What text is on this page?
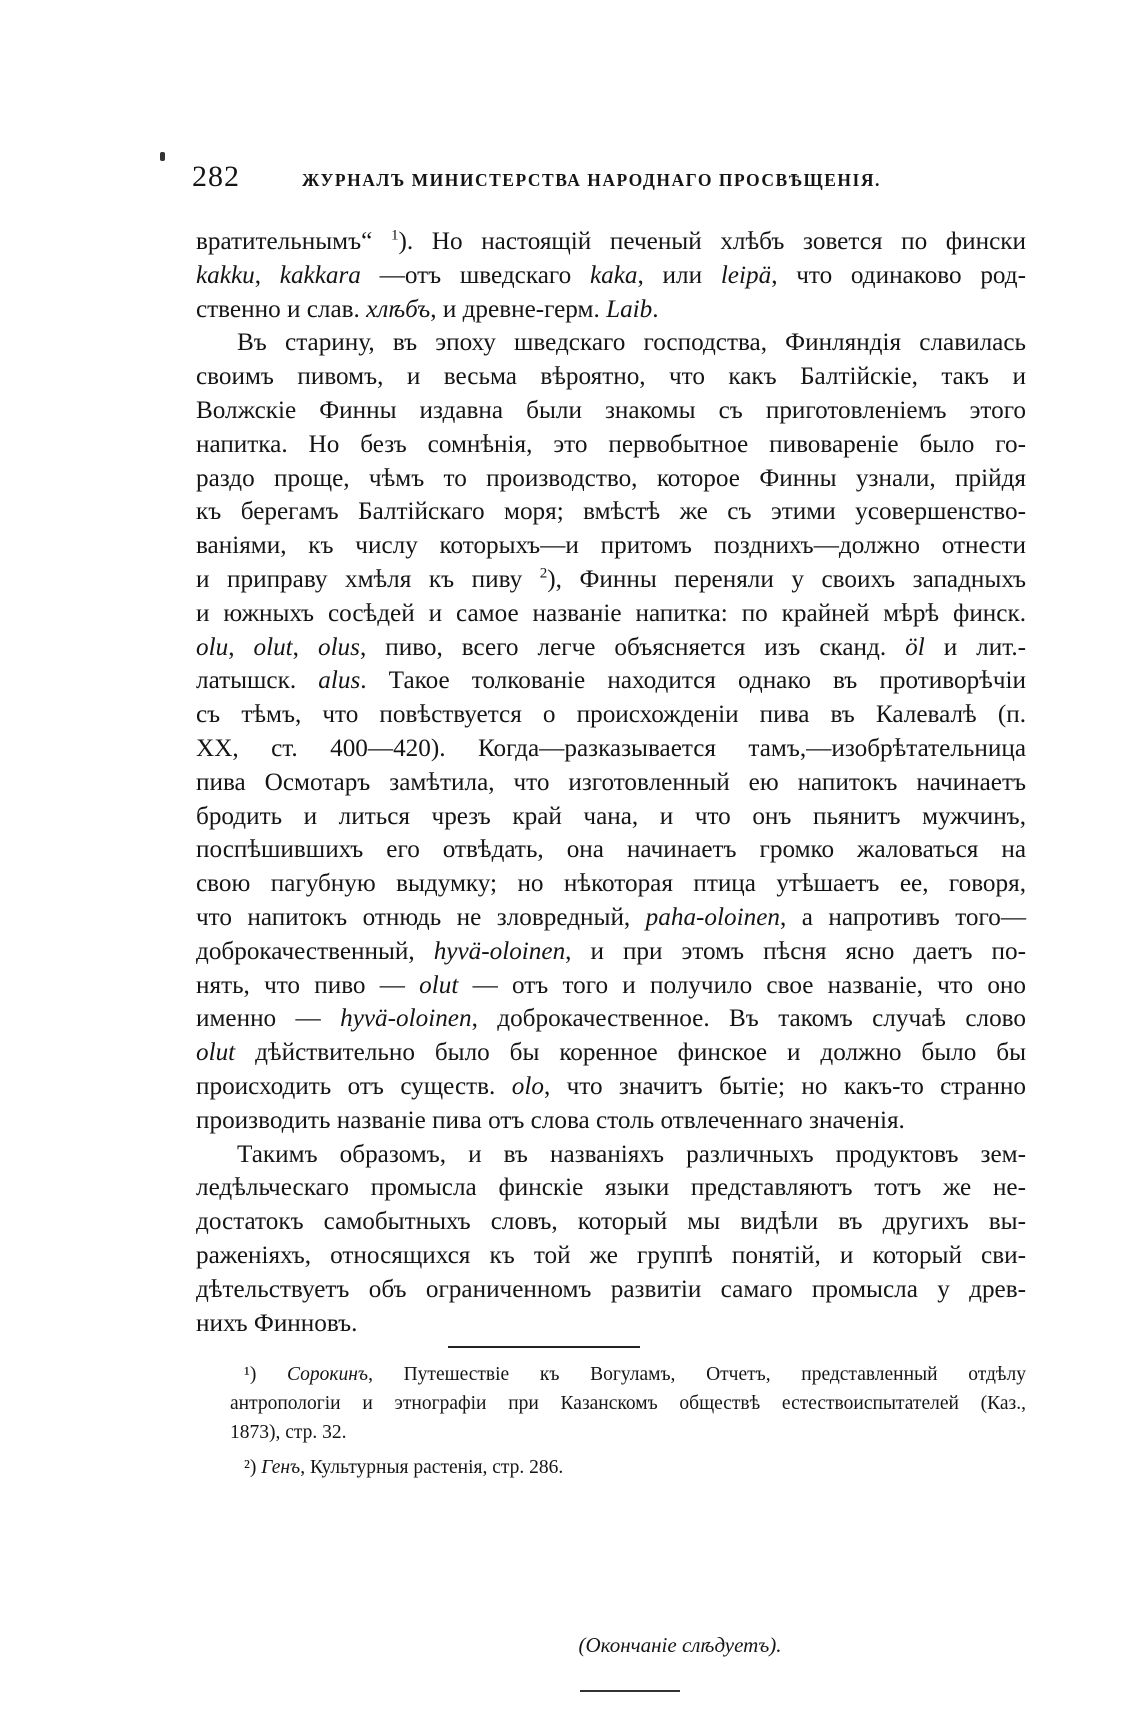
282	ЖУРНАЛЪ МИНИСТЕРСТВА НАРОДНАГО ПРОСВѢЩЕНІЯ.

вратительнымъ“ $^1$). Но настоящій печеный хлѣбъ зовется по фински
kakku, kakkara —отъ шведскаго kaka, или leipä, что одинаково род-
ственно и слав. хлѣбъ, и древне-герм. Laib.

Въ старину, въ эпоху шведскаго господства, Финляндія славилась
своимъ пивомъ, и весьма вѣроятно, что какъ Балтійскіе, такъ и
Волжскіе Финны издавна были знакомы съ приготовленіемъ этого
напитка. Но безъ сомнѣнія, это первобытное пивовареніе было го-
раздо проще, чѣмъ то производство, которое Финны узнали, прійдя
къ берегамъ Балтійскаго моря; вмѣстѣ же съ этими усовершенство-
ваніями, къ числу которыхъ—и притомъ позднихъ—должно отнести
и приправу хмѣля къ пиву $^2$), Финны переняли у своихъ западныхъ
и южныхъ сосѣдей и самое названіе напитка: по крайней мѣрѣ финск.
olu, olut, olus, пиво, всего легче объясняется изъ сканд. öl и лит.-
латышск. alus. Такое толкованіе находится однако въ противорѣчіи
съ тѣмъ, что повѣствуется о происхожденіи пива въ Калевалѣ (п.
XX, ст. 400—420). Когда—разказывается тамъ,—изобрѣтательница
пива Осмотаръ замѣтила, что изготовленный ею напитокъ начинаетъ
бродить и литься чрезъ край чана, и что онъ пьянитъ мужчинъ,
поспѣшившихъ его отвѣдать, она начинаетъ громко жаловаться на
свою пагубную выдумку; но нѣкоторая птица утѣшаетъ ее, говоря,
что напитокъ отнюдь не зловредный, paha-oloinen, а напротивъ того—
доброкачественный, hyvä-oloinen, и при этомъ пѣсня ясно даетъ по-
нять, что пиво — olut — отъ того и получило свое названіе, что оно
именно — hyvä-oloinen, доброкачественное. Въ такомъ случаѣ слово
olut дѣйствительно было бы коренное финское и должно было бы
происходить отъ существ. olo, что значитъ бытіе; но какъ-то странно
производить названіе пива отъ слова столь отвлеченнаго значенія.

Такимъ образомъ, и въ названіяхъ различныхъ продуктовъ зем-
ледѣльческаго промысла финскіе языки представляютъ тотъ же не-
достатокъ самобытныхъ словъ, который мы видѣли въ другихъ вы-
раженіяхъ, относящихся къ той же группѣ понятій, и который сви-
дѣтельствуетъ объ ограниченномъ развитіи самаго промысла у древ-
нихъ Финновъ.

¹) Сорокинъ, Путешествіе къ Вогуламъ, Отчетъ, представленный отдѣлу
антропологіи и этнографіи при Казанскомъ обществѣ естествоиспытателей (Каз.,
1873), стр. 32.
²) Генъ, Культурныя растенія, стр. 286.
(Окончаніе слѣдуетъ).
